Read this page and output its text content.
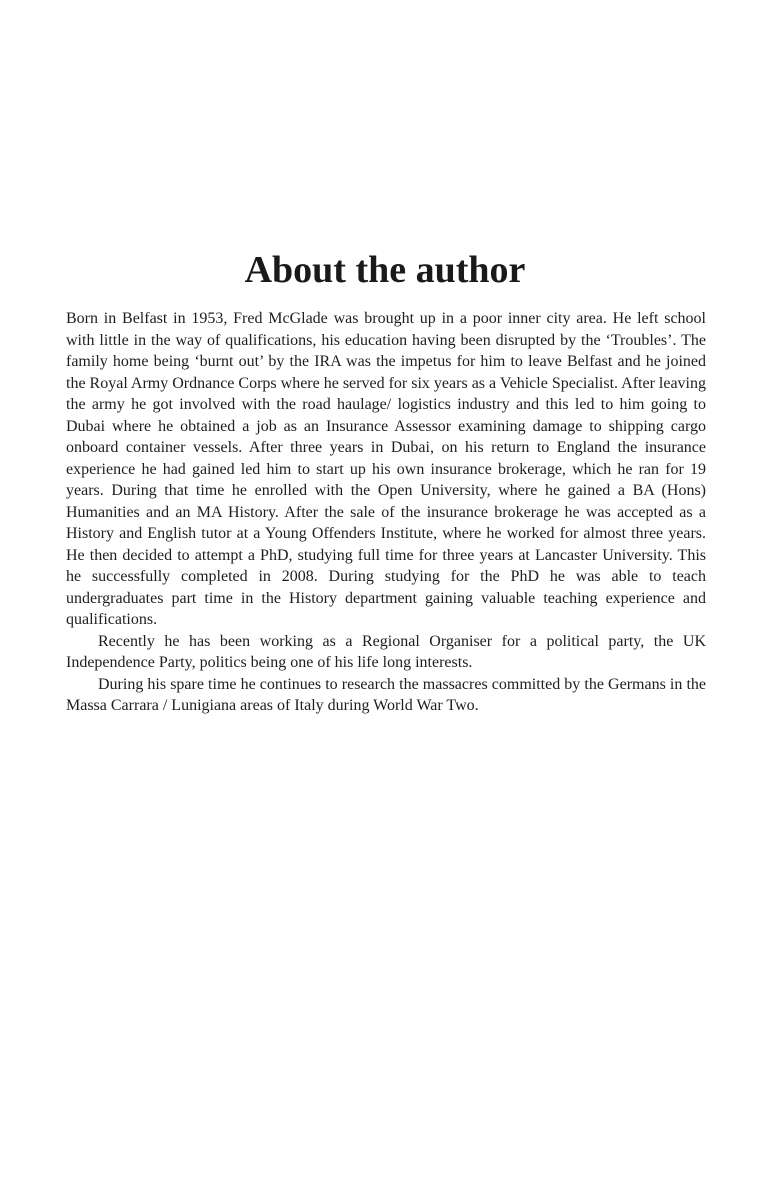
About the author

Born in Belfast in 1953, Fred McGlade was brought up in a poor inner city area. He left school with little in the way of qualifications, his education having been disrupted by the ‘Troubles’. The family home being ‘burnt out’ by the IRA was the impetus for him to leave Belfast and he joined the Royal Army Ordnance Corps where he served for six years as a Vehicle Specialist. After leaving the army he got involved with the road haulage/ logistics industry and this led to him going to Dubai where he obtained a job as an Insurance Assessor examining damage to shipping cargo onboard container vessels. After three years in Dubai, on his return to England the insurance experience he had gained led him to start up his own insurance brokerage, which he ran for 19 years. During that time he enrolled with the Open University, where he gained a BA (Hons) Humanities and an MA History. After the sale of the insurance brokerage he was accepted as a History and English tutor at a Young Offenders Institute, where he worked for almost three years. He then decided to attempt a PhD, studying full time for three years at Lancaster University. This he successfully completed in 2008. During studying for the PhD he was able to teach undergraduates part time in the History department gaining valuable teaching experience and qualifications.

Recently he has been working as a Regional Organiser for a political party, the UK Independence Party, politics being one of his life long interests.

During his spare time he continues to research the massacres committed by the Germans in the Massa Carrara / Lunigiana areas of Italy during World War Two.
